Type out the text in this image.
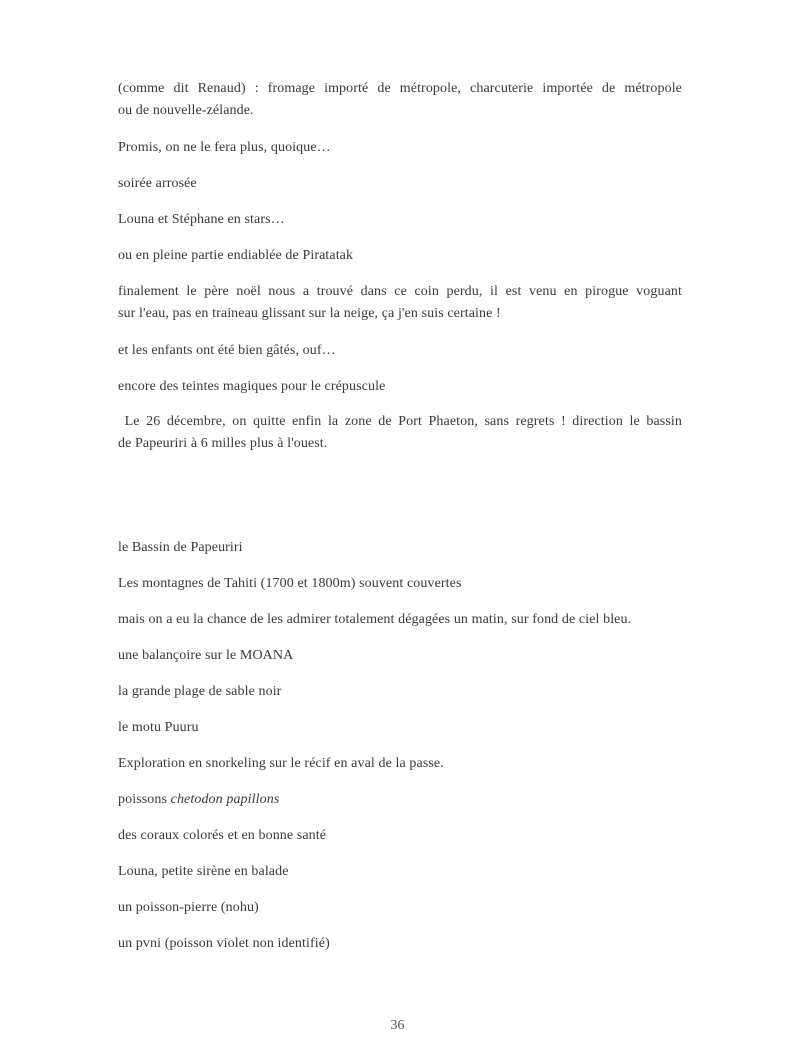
(comme dit Renaud) : fromage importé de métropole, charcuterie importée de métropole
ou de nouvelle-zélande.

Promis, on ne le fera plus, quoique…

soirée arrosée

Louna et Stéphane en stars…

ou en pleine partie endiablée de Piratatak

finalement le père noël nous a trouvé dans ce coin perdu, il est venu en pirogue voguant
sur l'eau, pas en traineau glissant sur la neige, ça j'en suis certaine !

et les enfants ont été bien gâtés, ouf…

encore des teintes magiques pour le crépuscule

Le 26 décembre, on quitte enfin la zone de Port Phaeton, sans regrets ! direction le bassin
de Papeuriri à 6 milles plus à l'ouest.

le Bassin de Papeuriri

Les montagnes de Tahiti (1700 et 1800m) souvent couvertes

mais on a eu la chance de les admirer totalement dégagées un matin, sur fond de ciel bleu.

une balançoire sur le MOANA

la grande plage de sable noir

le motu Puuru

Exploration en snorkeling sur le récif en aval de la passe.

poissons chetodon papillons

des coraux colorés et en bonne santé

Louna, petite sirène en balade

un poisson-pierre (nohu)

un pvni (poisson violet non identifié)

36
